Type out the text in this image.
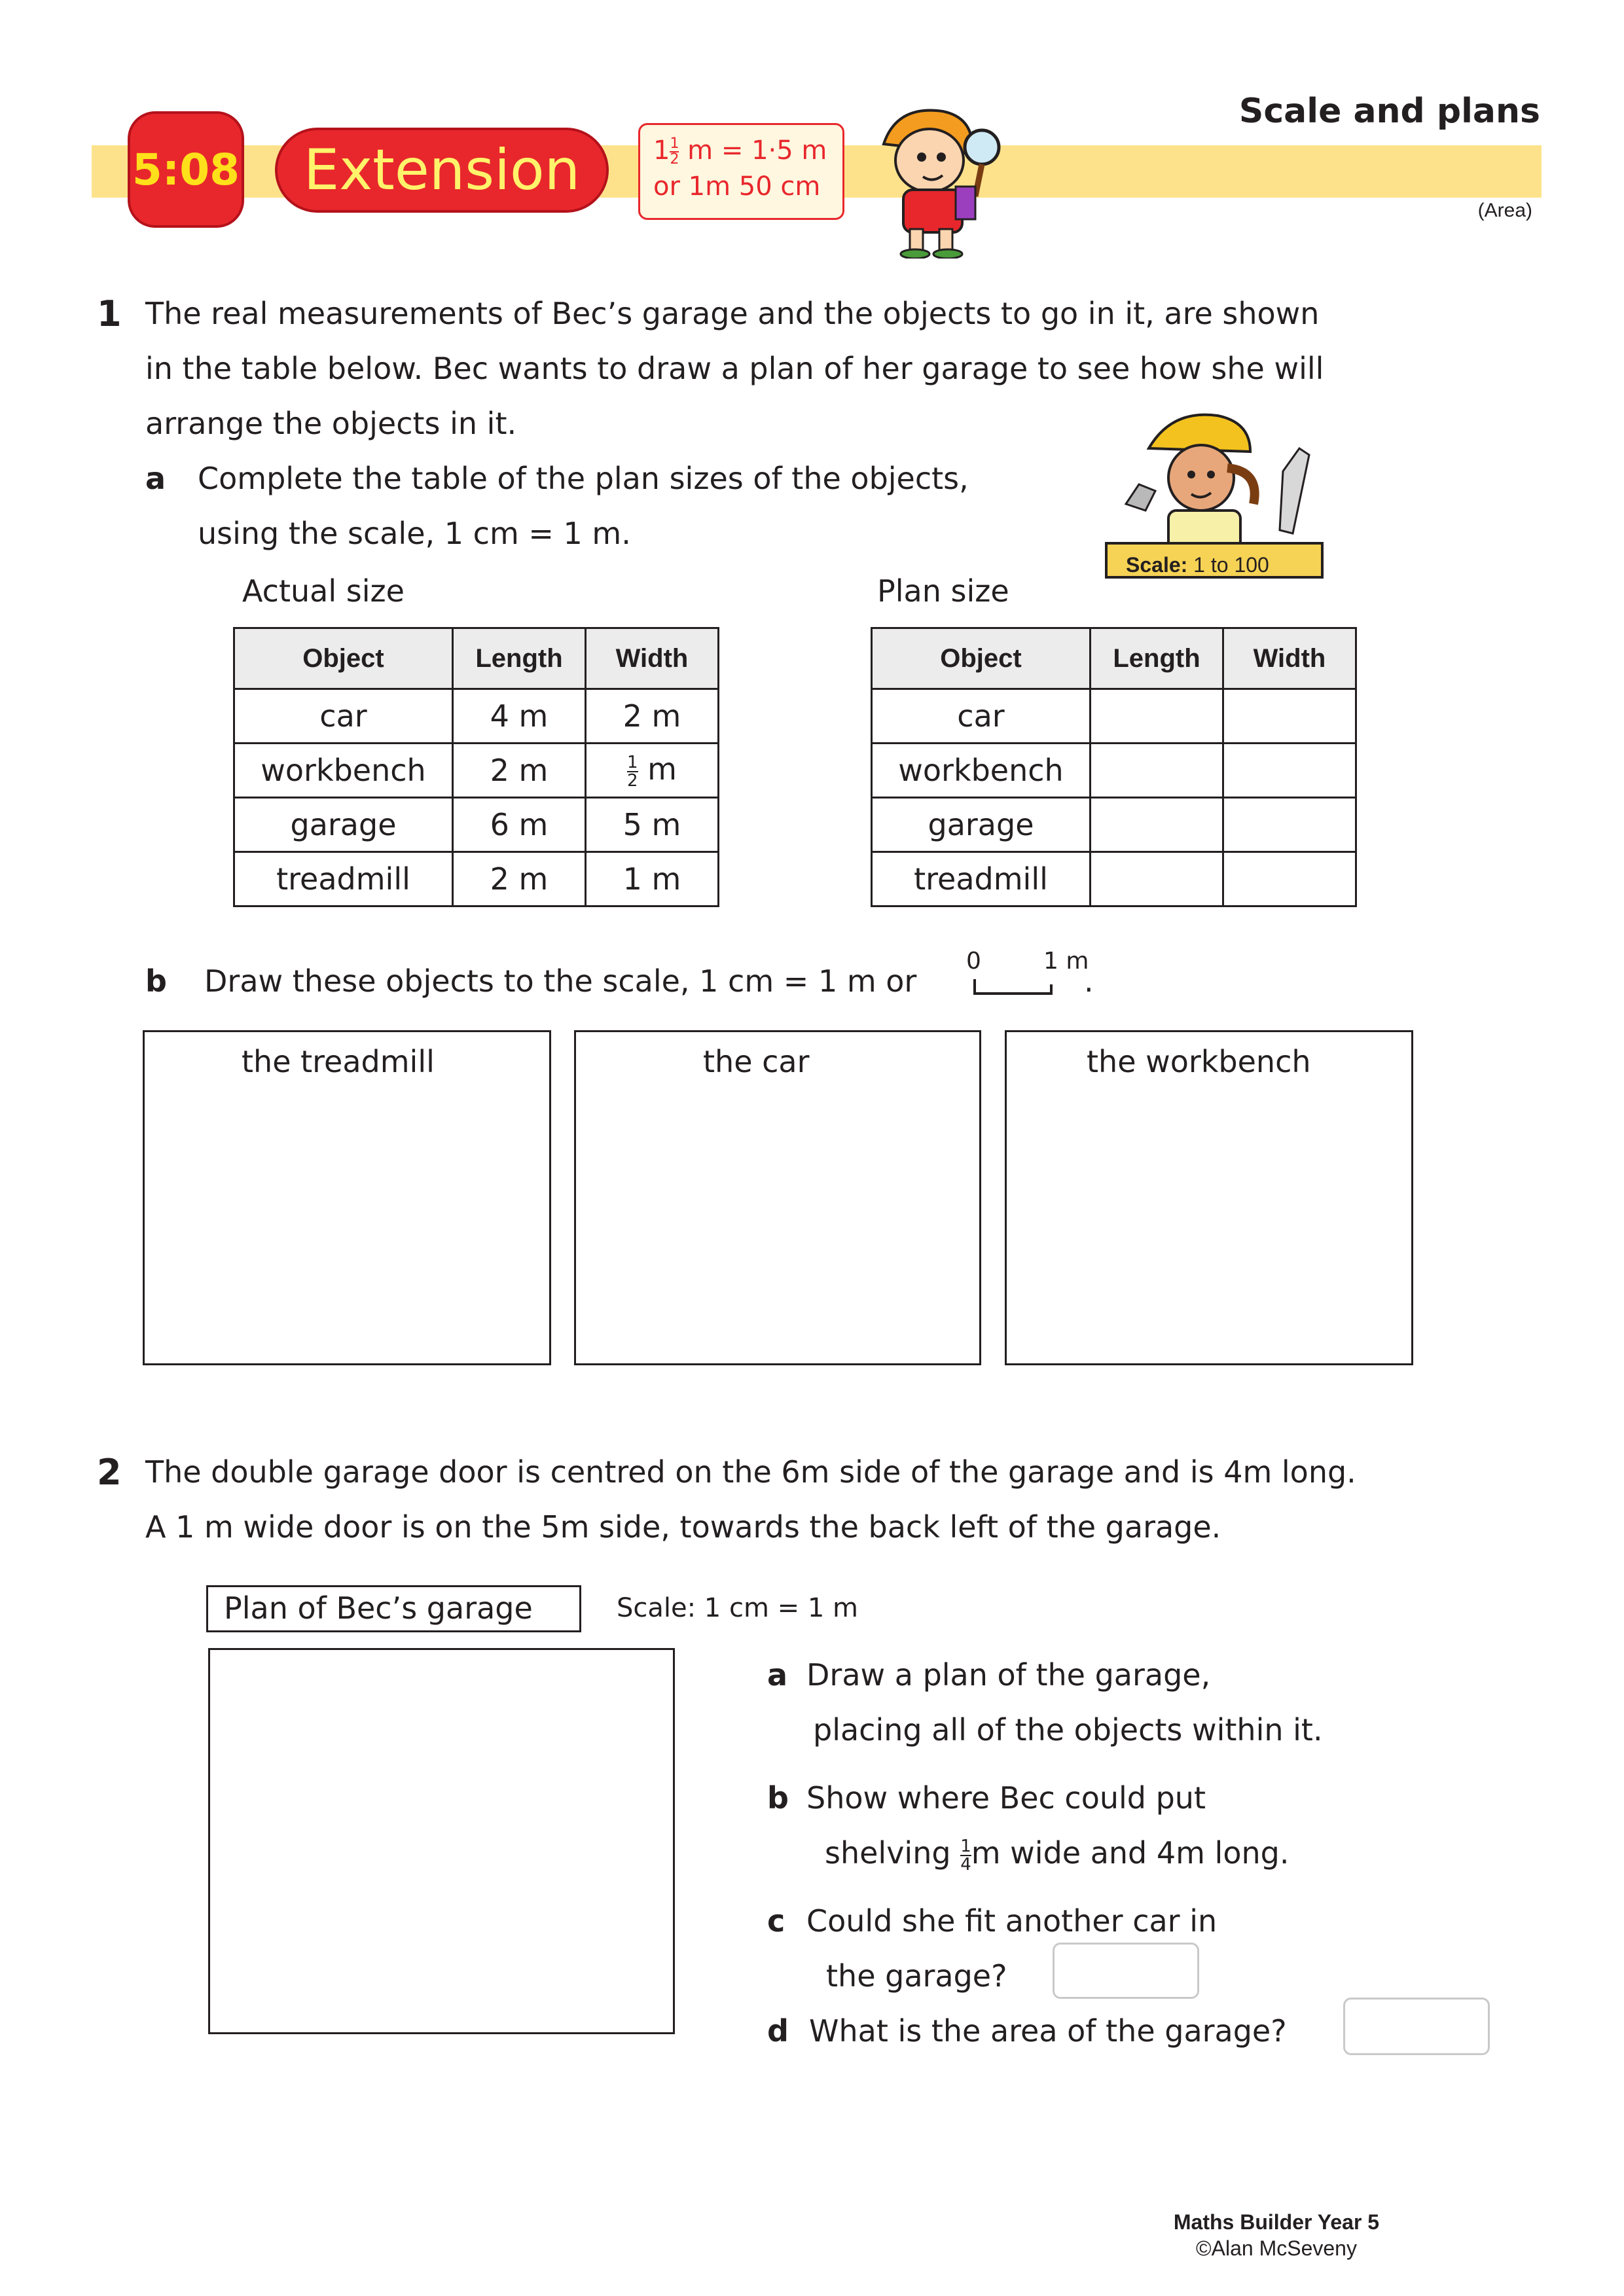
5:08	Extension	$1 \frac{1}{2}$ m = 1·5 m
or 1m 50 cm
Scale and plans
(Area)
1 The real measurements of Bec’s garage and the objects to go in it, are shown
in the table below. Bec wants to draw a plan of her garage to see how she will
arrange the objects in it.
a Complete the table of the plan sizes of the objects,
using the scale, 1 cm = 1 m.
Scale: 1 to 100
Actual size	Plan size
Object	Length	Width
car	4 m	2 m
workbench	2 m	$\frac{1}{2}$ m
garage	6 m	5 m
treadmill	2 m	1 m
Object	Length	Width
car		
workbench		
garage		
treadmill		
b Draw these objects to the scale, 1 cm = 1 m or
0	1 m
.
the treadmill	the car	the workbench
2 The double garage door is centred on the 6m side of the garage and is 4m long.
A 1 m wide door is on the 5m side, towards the back left of the garage.
Plan of Bec’s garage	Scale: 1 cm = 1 m
a Draw a plan of the garage,
placing all of the objects within it.
b Show where Bec could put
shelving $\frac{1}{4}$ m wide and 4m long.
c Could she fit another car in
the garage?
d What is the area of the garage?
Maths Builder Year 5
©Alan McSeveny
